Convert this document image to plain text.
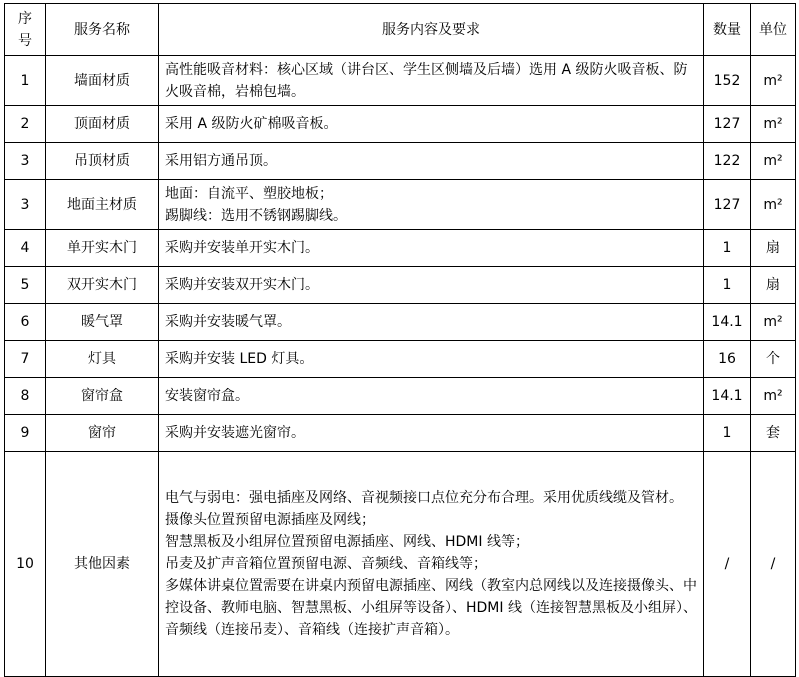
序号	服务名称	服务内容及要求	数量	单位
1	墙面材质	高性能吸音材料：核心区域（讲台区、学生区侧墙及后墙）选用 A 级防火吸音板、防火吸音棉，岩棉包墙。	152	m²
2	顶面材质	采用 A 级防火矿棉吸音板。	127	m²
3	吊顶材质	采用铝方通吊顶。	122	m²
3	地面主材质	地面：自流平、塑胶地板；
踢脚线：选用不锈钢踢脚线。	127	m²
4	单开实木门	采购并安装单开实木门。	1	扇
5	双开实木门	采购并安装双开实木门。	1	扇
6	暖气罩	采购并安装暖气罩。	14.1	m²
7	灯具	采购并安装 LED 灯具。	16	个
8	窗帘盒	安装窗帘盒。	14.1	m²
9	窗帘	采购并安装遮光窗帘。	1	套
10	其他因素	电气与弱电：强电插座及网络、音视频接口点位充分布合理。采用优质线缆及管材。
摄像头位置预留电源插座及网线；
智慧黑板及小组屏位置预留电源插座、网线、HDMI 线等；
吊麦及扩声音箱位置预留电源、音频线、音箱线等；
多媒体讲桌位置需要在讲桌内预留电源插座、网线（教室内总网线以及连接摄像头、中控设备、教师电脑、智慧黑板、小组屏等设备）、HDMI 线（连接智慧黑板及小组屏）、音频线（连接吊麦）、音箱线（连接扩声音箱）。	/	/
